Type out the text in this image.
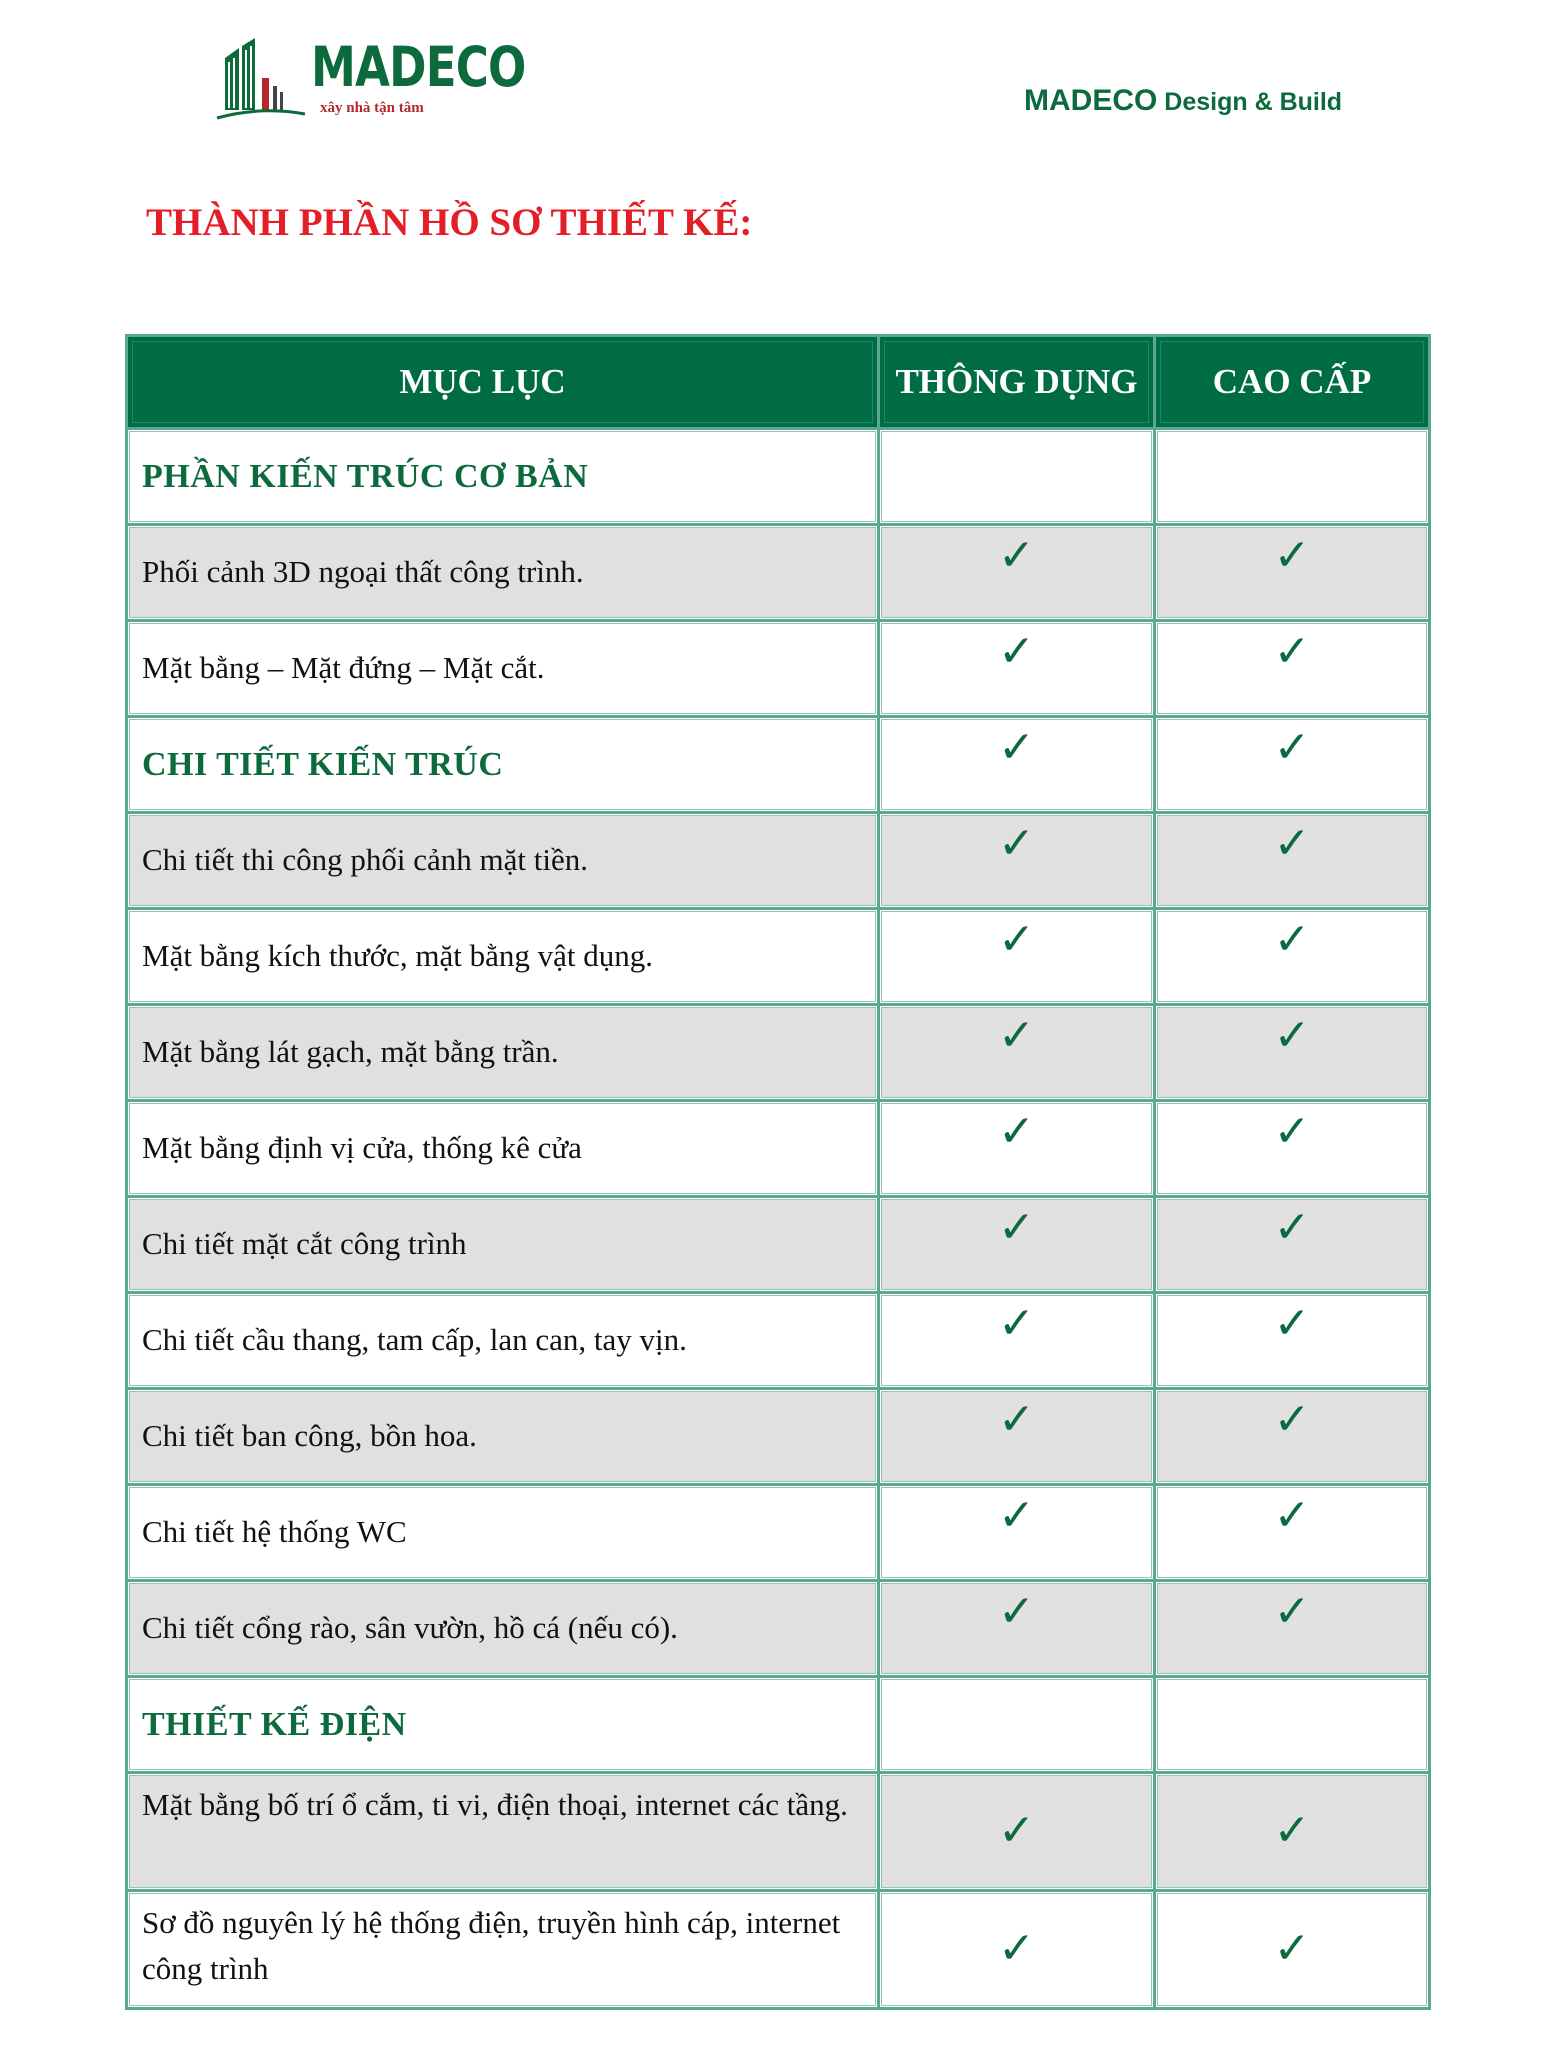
MADECO
xây nhà tận tâm	MADECO Design & Build
THÀNH PHẦN HỒ SƠ THIẾT KẾ:
MỤC LỤC	THÔNG DỤNG	CAO CẤP
PHẦN KIẾN TRÚC CƠ BẢN		
Phối cảnh 3D ngoại thất công trình.	✓	✓
Mặt bằng – Mặt đứng – Mặt cắt.	✓	✓
CHI TIẾT KIẾN TRÚC	✓	✓
Chi tiết thi công phối cảnh mặt tiền.	✓	✓
Mặt bằng kích thước, mặt bằng vật dụng.	✓	✓
Mặt bằng lát gạch, mặt bằng trần.	✓	✓
Mặt bằng định vị cửa, thống kê cửa	✓	✓
Chi tiết mặt cắt công trình	✓	✓
Chi tiết cầu thang, tam cấp, lan can, tay vịn.	✓	✓
Chi tiết ban công, bồn hoa.	✓	✓
Chi tiết hệ thống WC	✓	✓
Chi tiết cổng rào, sân vườn, hồ cá (nếu có).	✓	✓
THIẾT KẾ ĐIỆN		
Mặt bằng bố trí ổ cắm, ti vi, điện thoại, internet các tầng.	✓	✓
Sơ đồ nguyên lý hệ thống điện, truyền hình cáp, internet công trình	✓	✓
